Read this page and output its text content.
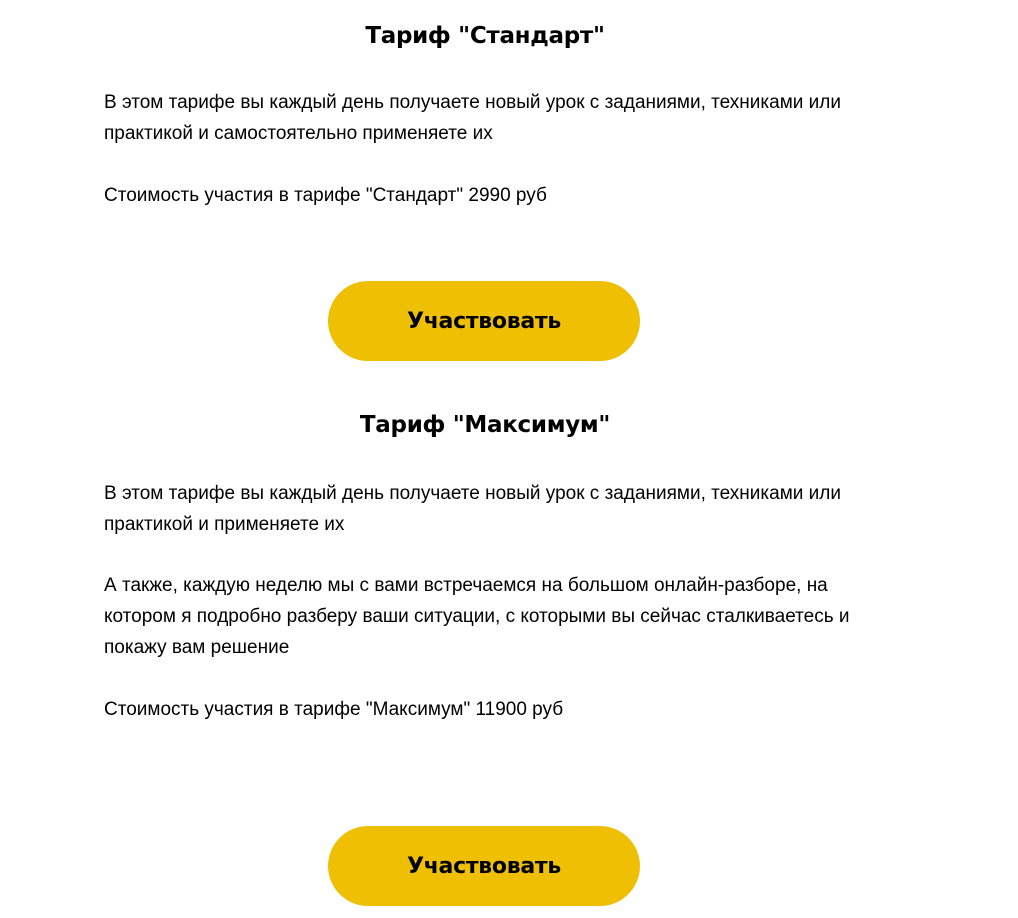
Тариф "Стандарт"

В этом тарифе вы каждый день получаете новый урок с заданиями, техниками или практикой и самостоятельно применяете их

Стоимость участия в тарифе "Стандарт" 2990 руб

Участвовать
Тариф "Максимум"

В этом тарифе вы каждый день получаете новый урок с заданиями, техниками или практикой и применяете их

А также, каждую неделю мы с вами встречаемся на большом онлайн-разборе, на котором я подробно разберу ваши ситуации, с которыми вы сейчас сталкиваетесь и покажу вам решение

Стоимость участия в тарифе "Максимум" 11900 руб

Участвовать
